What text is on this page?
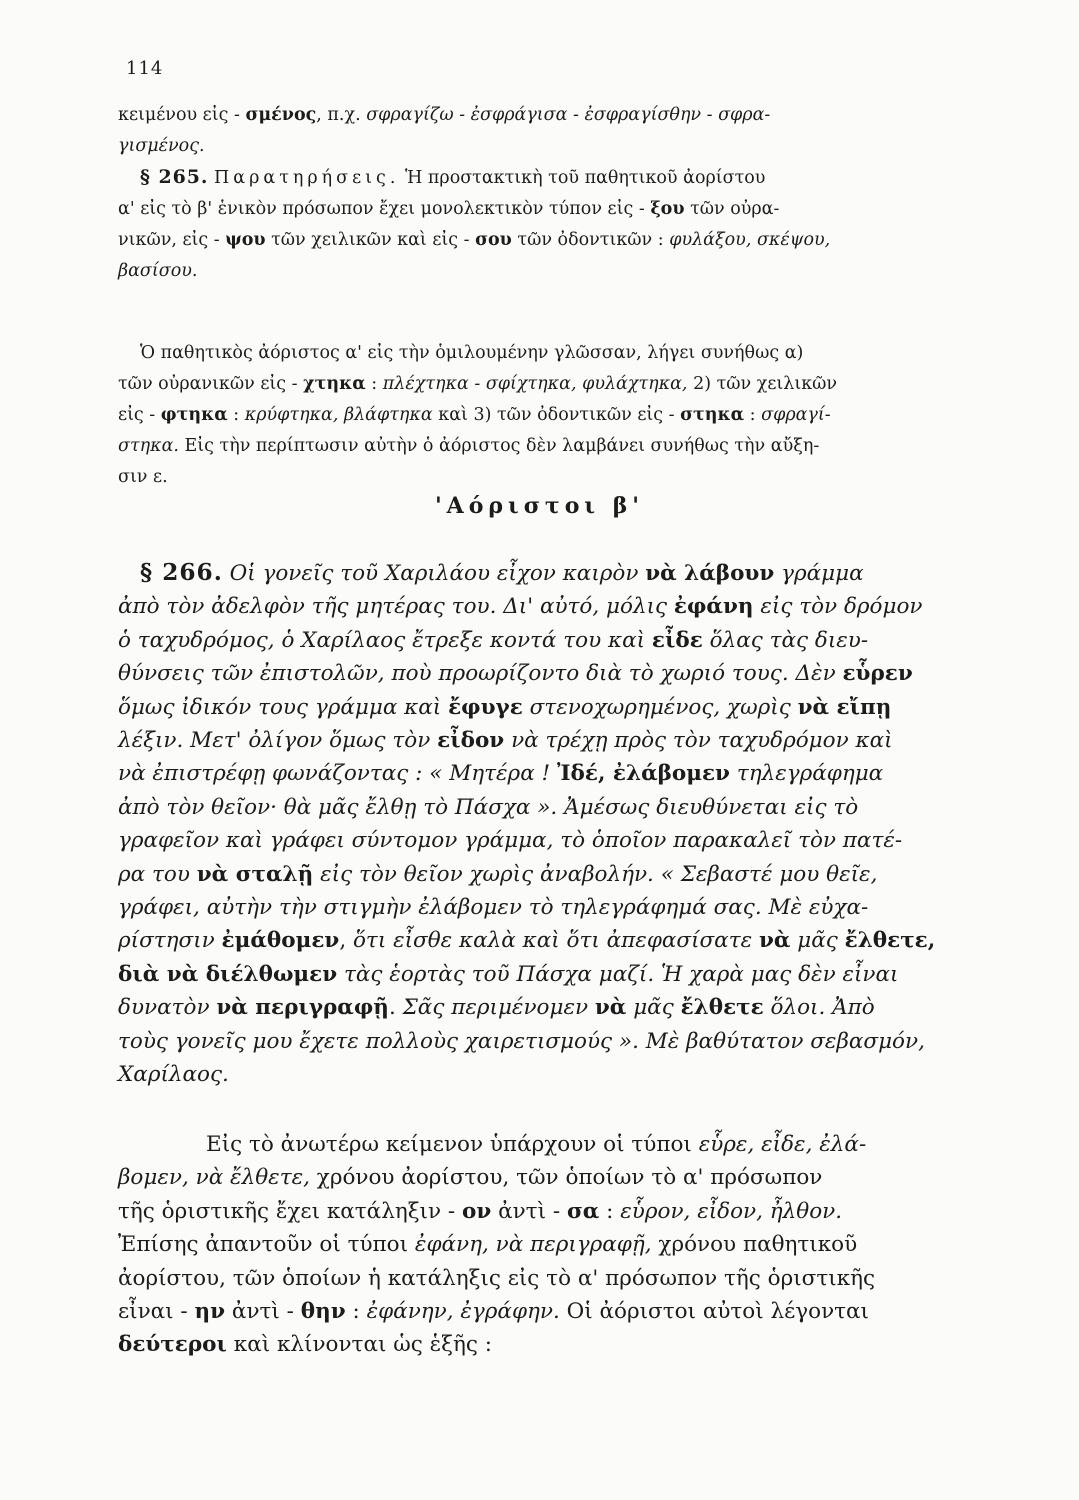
114
κειμένου εἰς - σμένος, π.χ. σφραγίζω - ἐσφράγισα - ἐσφραγίσθην - σφρα-
γισμένος.
§ 265. Παρατηρήσεις. Ἡ προστακτικὴ τοῦ παθητικοῦ ἀορίστου
α' εἰς τὸ β' ἑνικὸν πρόσωπον ἔχει μονολεκτικὸν τύπον εἰς - ξου τῶν οὐρα-
νικῶν, εἰς - ψου τῶν χειλικῶν καὶ εἰς - σου τῶν ὀδοντικῶν : φυλάξου, σκέψου,
βασίσου.
Ὁ παθητικὸς ἀόριστος α' εἰς τὴν ὁμιλουμένην γλῶσσαν, λήγει συνήθως α)
τῶν οὐρανικῶν εἰς - χτηκα : πλέχτηκα - σφίχτηκα, φυλάχτηκα, 2) τῶν χειλικῶν
εἰς - φτηκα : κρύφτηκα, βλάφτηκα καὶ 3) τῶν ὀδοντικῶν εἰς - στηκα : σφραγί-
στηκα. Εἰς τὴν περίπτωσιν αὐτὴν ὁ ἀόριστος δὲν λαμβάνει συνήθως τὴν αὔξη-
σιν ε.
'Αόριστοι β'
§ 266. Οἱ γονεῖς τοῦ Χαριλάου εἶχον καιρὸν νὰ λάβουν γράμμα
ἀπὸ τὸν ἀδελφὸν τῆς μητέρας του. Δι' αὐτό, μόλις ἐφάνη εἰς τὸν δρόμον
ὁ ταχυδρόμος, ὁ Χαρίλαος ἔτρεξε κοντά του καὶ εἶδε ὅλας τὰς διευ-
θύνσεις τῶν ἐπιστολῶν, ποὺ προωρίζοντο διὰ τὸ χωριό τους. Δὲν εὗρεν
ὅμως ἰδικόν τους γράμμα καὶ ἔφυγε στενοχωρημένος, χωρὶς νὰ εἴπῃ
λέξιν. Μετ' ὀλίγον ὅμως τὸν εἶδον νὰ τρέχῃ πρὸς τὸν ταχυδρόμον καὶ
νὰ ἐπιστρέφῃ φωνάζοντας : « Μητέρα ! Ἰδέ, ἐλάβομεν τηλεγράφημα
ἀπὸ τὸν θεῖον· θὰ μᾶς ἔλθῃ τὸ Πάσχα ». Ἀμέσως διευθύνεται εἰς τὸ
γραφεῖον καὶ γράφει σύντομον γράμμα, τὸ ὁποῖον παρακαλεῖ τὸν πατέ-
ρα του νὰ σταλῇ εἰς τὸν θεῖον χωρὶς ἀναβολήν. « Σεβαστέ μου θεῖε,
γράφει, αὐτὴν τὴν στιγμὴν ἐλάβομεν τὸ τηλεγράφημά σας. Μὲ εὐχα-
ρίστησιν ἐμάθομεν, ὅτι εἶσθε καλὰ καὶ ὅτι ἀπεφασίσατε νὰ μᾶς ἔλθετε,
διὰ νὰ διέλθωμεν τὰς ἑορτὰς τοῦ Πάσχα μαζί. Ἡ χαρὰ μας δὲν εἶναι
δυνατὸν νὰ περιγραφῇ. Σᾶς περιμένομεν νὰ μᾶς ἔλθετε ὅλοι. Ἀπὸ
τοὺς γονεῖς μου ἔχετε πολλοὺς χαιρετισμούς ». Μὲ βαθύτατον σεβασμόν,
Χαρίλαος.
Εἰς τὸ ἀνωτέρω κείμενον ὑπάρχουν οἱ τύποι εὗρε, εἶδε, ἐλά-
βομεν, νὰ ἔλθετε, χρόνου ἀορίστου, τῶν ὁποίων τὸ α' πρόσωπον
τῆς ὁριστικῆς ἔχει κατάληξιν - ον ἀντὶ - σα : εὗρον, εἶδον, ἦλθον.
Ἐπίσης ἀπαντοῦν οἱ τύποι ἐφάνη, νὰ περιγραφῇ, χρόνου παθητικοῦ
ἀορίστου, τῶν ὁποίων ἡ κατάληξις εἰς τὸ α' πρόσωπον τῆς ὁριστικῆς
εἶναι - ην ἀντὶ - θην : ἐφάνην, ἐγράφην. Οἱ ἀόριστοι αὐτοὶ λέγονται
δεύτεροι καὶ κλίνονται ὡς ἑξῆς :
